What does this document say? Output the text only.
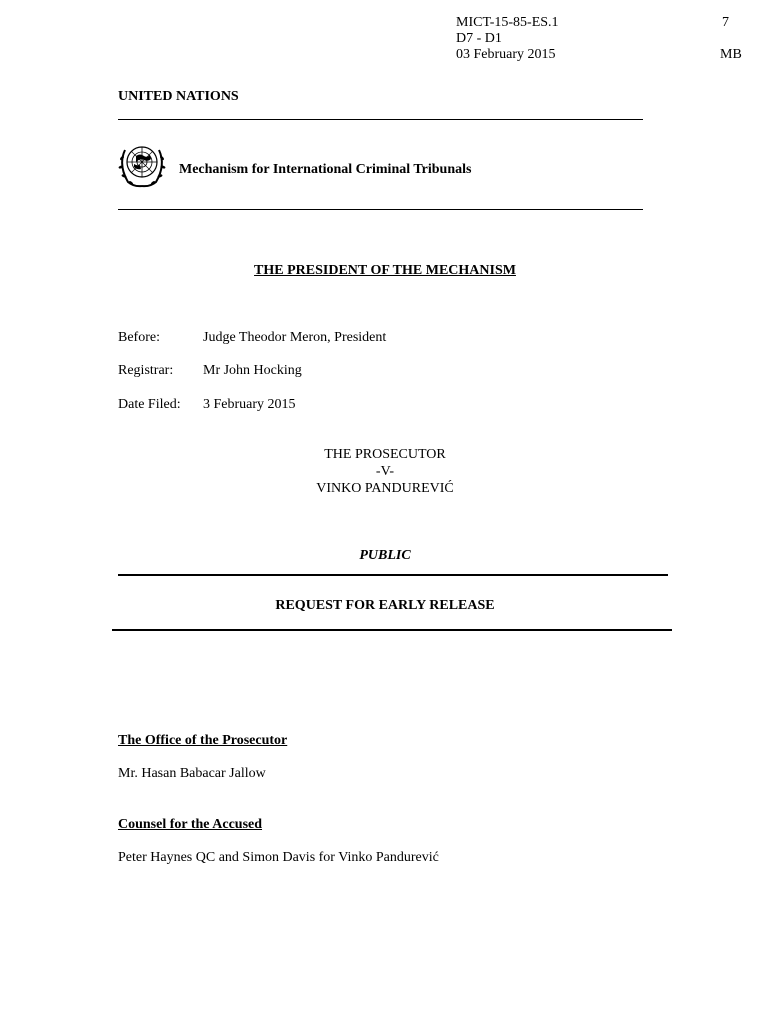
MICT-15-85-ES.1
D7 - D1
03 February 2015
7
MB
UNITED NATIONS
Mechanism for International Criminal Tribunals
THE PRESIDENT OF THE MECHANISM
Before:	Judge Theodor Meron, President
Registrar: Mr John Hocking
Date Filed: 3 February 2015
THE PROSECUTOR
-V-
VINKO PANDUREVIĆ
PUBLIC
REQUEST FOR EARLY RELEASE
The Office of the Prosecutor
Mr. Hasan Babacar Jallow
Counsel for the Accused
Peter Haynes QC and Simon Davis for Vinko Pandurević
